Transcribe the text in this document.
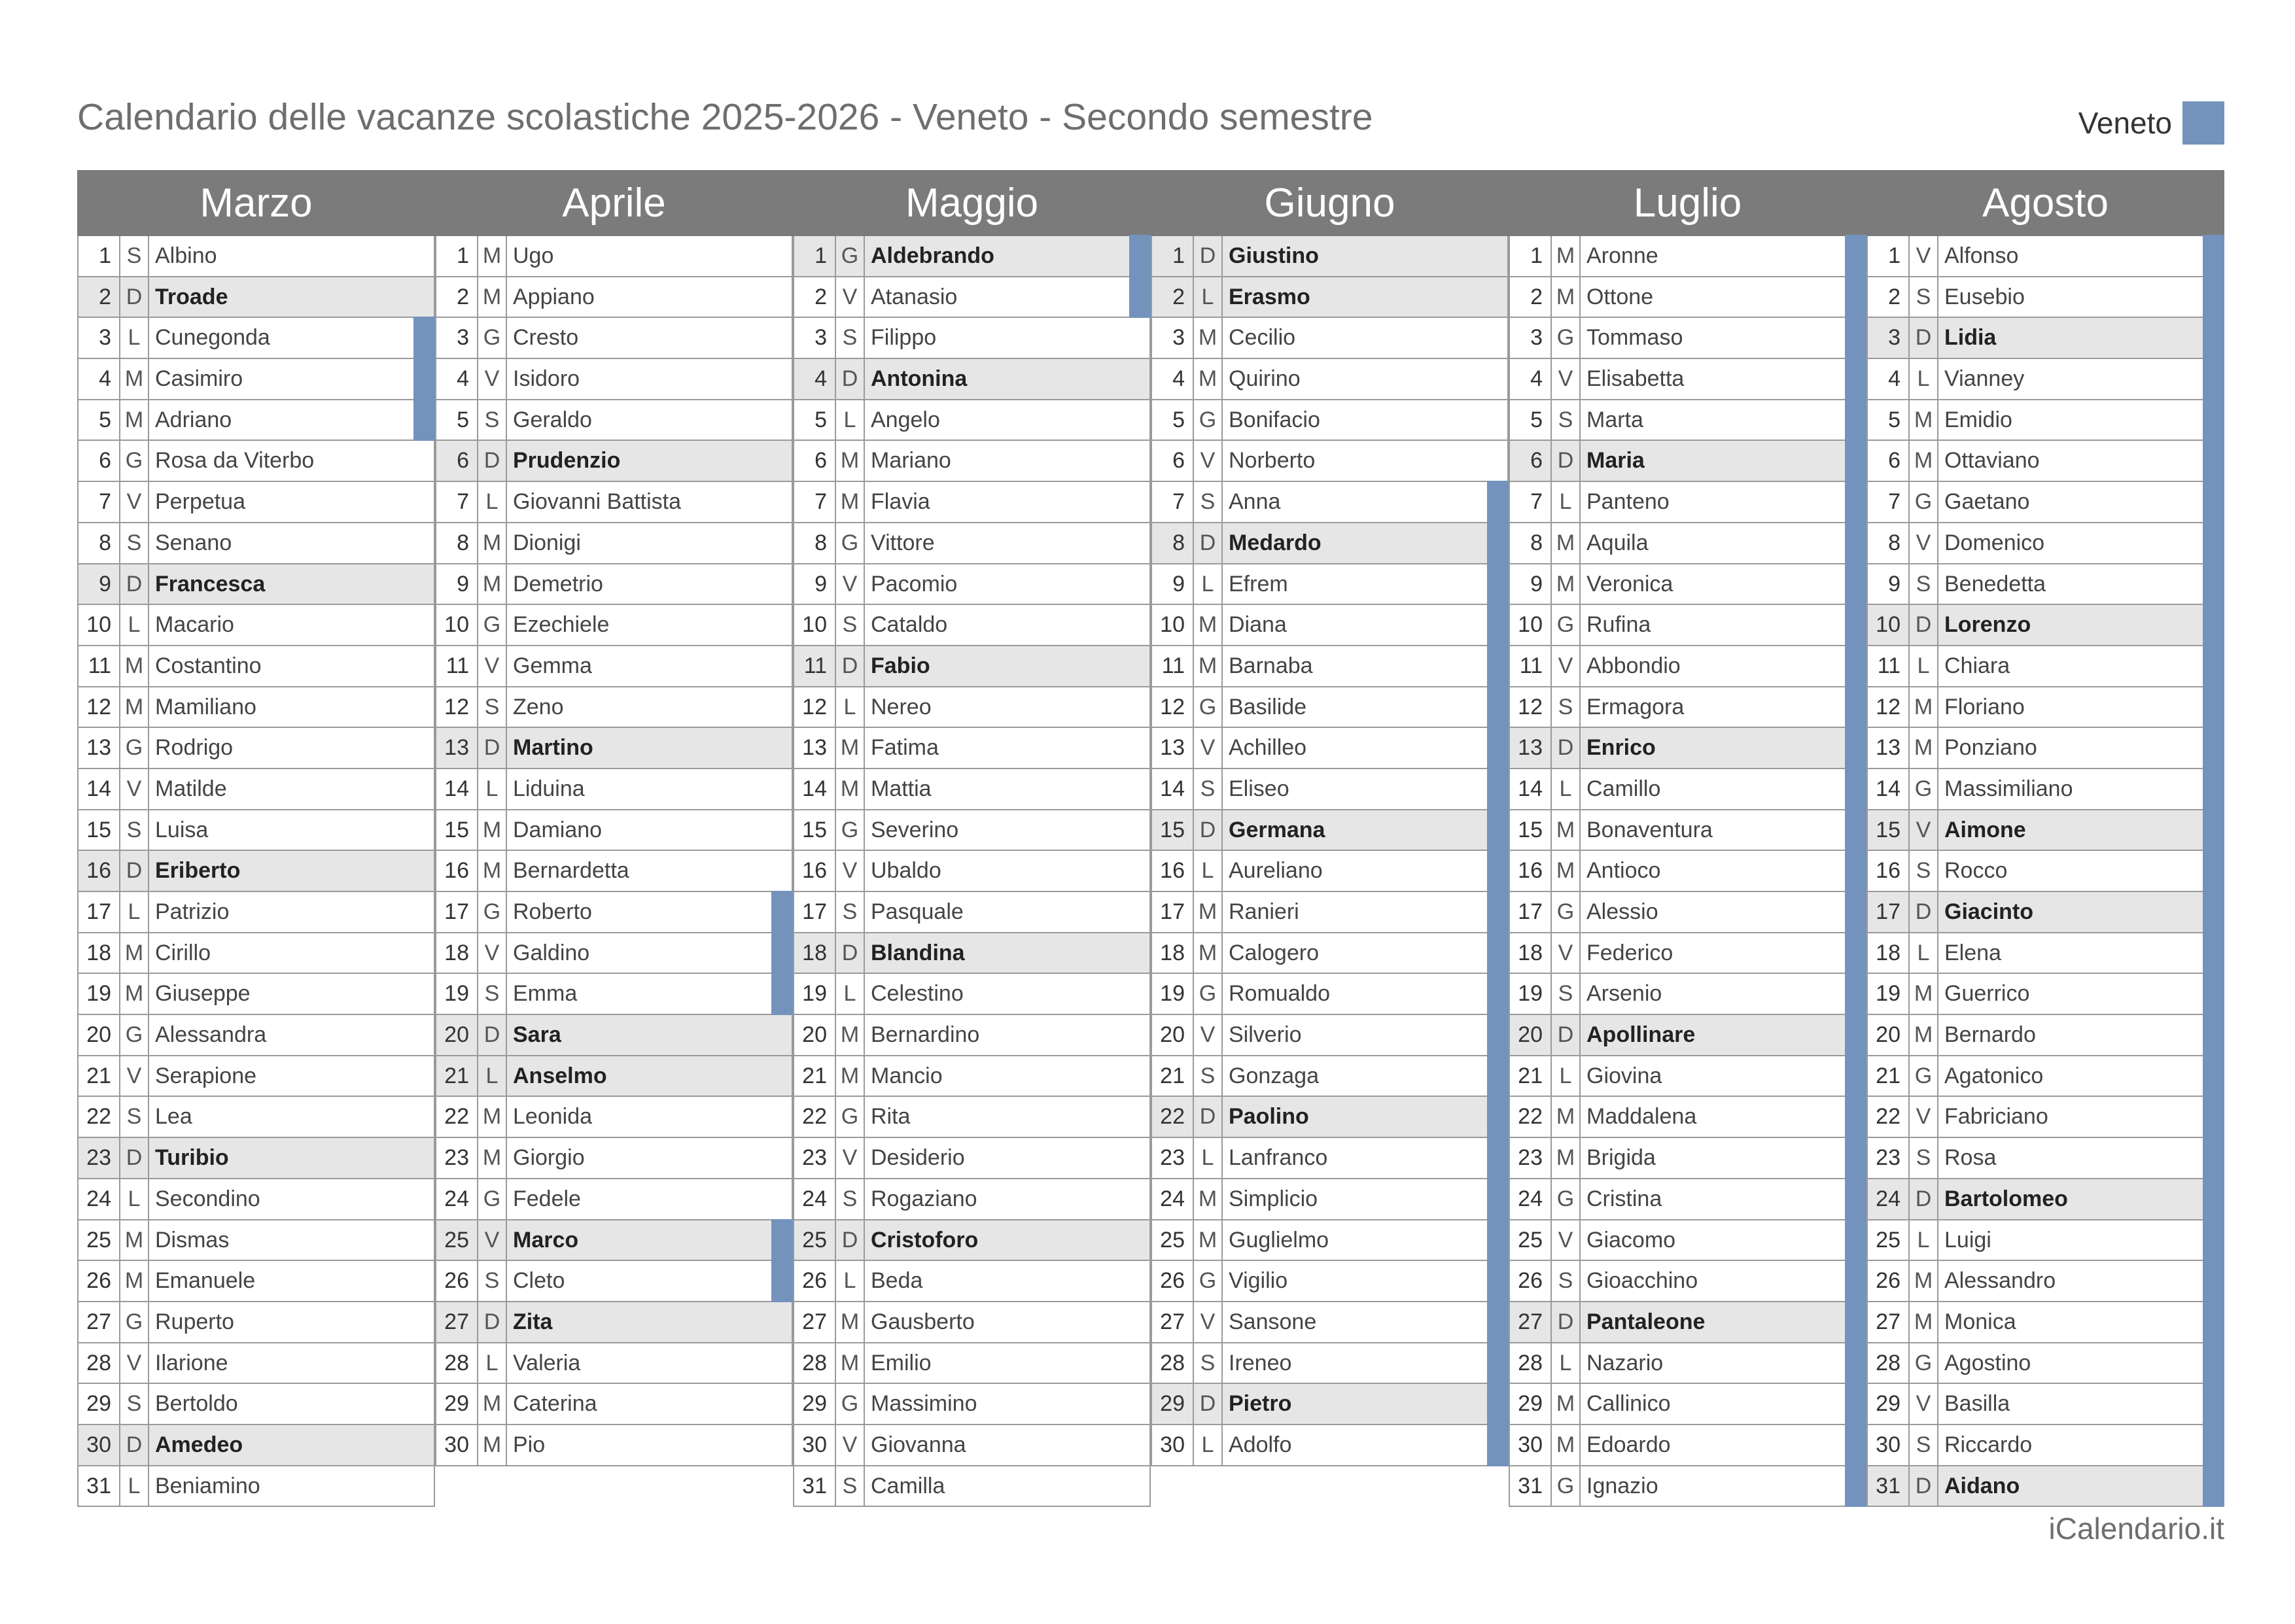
Calendario delle vacanze scolastiche 2025-2026 - Veneto - Secondo semestre	Veneto
Marzo
1 S Albino
2 D Troade
3 L Cunegonda
4 M Casimiro
5 M Adriano
6 G Rosa da Viterbo
7 V Perpetua
8 S Senano
9 D Francesca
10 L Macario
11 M Costantino
12 M Mamiliano
13 G Rodrigo
14 V Matilde
15 S Luisa
16 D Eriberto
17 L Patrizio
18 M Cirillo
19 M Giuseppe
20 G Alessandra
21 V Serapione
22 S Lea
23 D Turibio
24 L Secondino
25 M Dismas
26 M Emanuele
27 G Ruperto
28 V Ilarione
29 S Bertoldo
30 D Amedeo
31 L Beniamino
Aprile
1 M Ugo
2 M Appiano
3 G Cresto
4 V Isidoro
5 S Geraldo
6 D Prudenzio
7 L Giovanni Battista
8 M Dionigi
9 M Demetrio
10 G Ezechiele
11 V Gemma
12 S Zeno
13 D Martino
14 L Liduina
15 M Damiano
16 M Bernardetta
17 G Roberto
18 V Galdino
19 S Emma
20 D Sara
21 L Anselmo
22 M Leonida
23 M Giorgio
24 G Fedele
25 V Marco
26 S Cleto
27 D Zita
28 L Valeria
29 M Caterina
30 M Pio
Maggio
1 G Aldebrando
2 V Atanasio
3 S Filippo
4 D Antonina
5 L Angelo
6 M Mariano
7 M Flavia
8 G Vittore
9 V Pacomio
10 S Cataldo
11 D Fabio
12 L Nereo
13 M Fatima
14 M Mattia
15 G Severino
16 V Ubaldo
17 S Pasquale
18 D Blandina
19 L Celestino
20 M Bernardino
21 M Mancio
22 G Rita
23 V Desiderio
24 S Rogaziano
25 D Cristoforo
26 L Beda
27 M Gausberto
28 M Emilio
29 G Massimino
30 V Giovanna
31 S Camilla
Giugno
1 D Giustino
2 L Erasmo
3 M Cecilio
4 M Quirino
5 G Bonifacio
6 V Norberto
7 S Anna
8 D Medardo
9 L Efrem
10 M Diana
11 M Barnaba
12 G Basilide
13 V Achilleo
14 S Eliseo
15 D Germana
16 L Aureliano
17 M Ranieri
18 M Calogero
19 G Romualdo
20 V Silverio
21 S Gonzaga
22 D Paolino
23 L Lanfranco
24 M Simplicio
25 M Guglielmo
26 G Vigilio
27 V Sansone
28 S Ireneo
29 D Pietro
30 L Adolfo
Luglio
1 M Aronne
2 M Ottone
3 G Tommaso
4 V Elisabetta
5 S Marta
6 D Maria
7 L Panteno
8 M Aquila
9 M Veronica
10 G Rufina
11 V Abbondio
12 S Ermagora
13 D Enrico
14 L Camillo
15 M Bonaventura
16 M Antioco
17 G Alessio
18 V Federico
19 S Arsenio
20 D Apollinare
21 L Giovina
22 M Maddalena
23 M Brigida
24 G Cristina
25 V Giacomo
26 S Gioacchino
27 D Pantaleone
28 L Nazario
29 M Callinico
30 M Edoardo
31 G Ignazio
Agosto
1 V Alfonso
2 S Eusebio
3 D Lidia
4 L Vianney
5 M Emidio
6 M Ottaviano
7 G Gaetano
8 V Domenico
9 S Benedetta
10 D Lorenzo
11 L Chiara
12 M Floriano
13 M Ponziano
14 G Massimiliano
15 V Aimone
16 S Rocco
17 D Giacinto
18 L Elena
19 M Guerrico
20 M Bernardo
21 G Agatonico
22 V Fabriciano
23 S Rosa
24 D Bartolomeo
25 L Luigi
26 M Alessandro
27 M Monica
28 G Agostino
29 V Basilla
30 S Riccardo
31 D Aidano
iCalendario.it
